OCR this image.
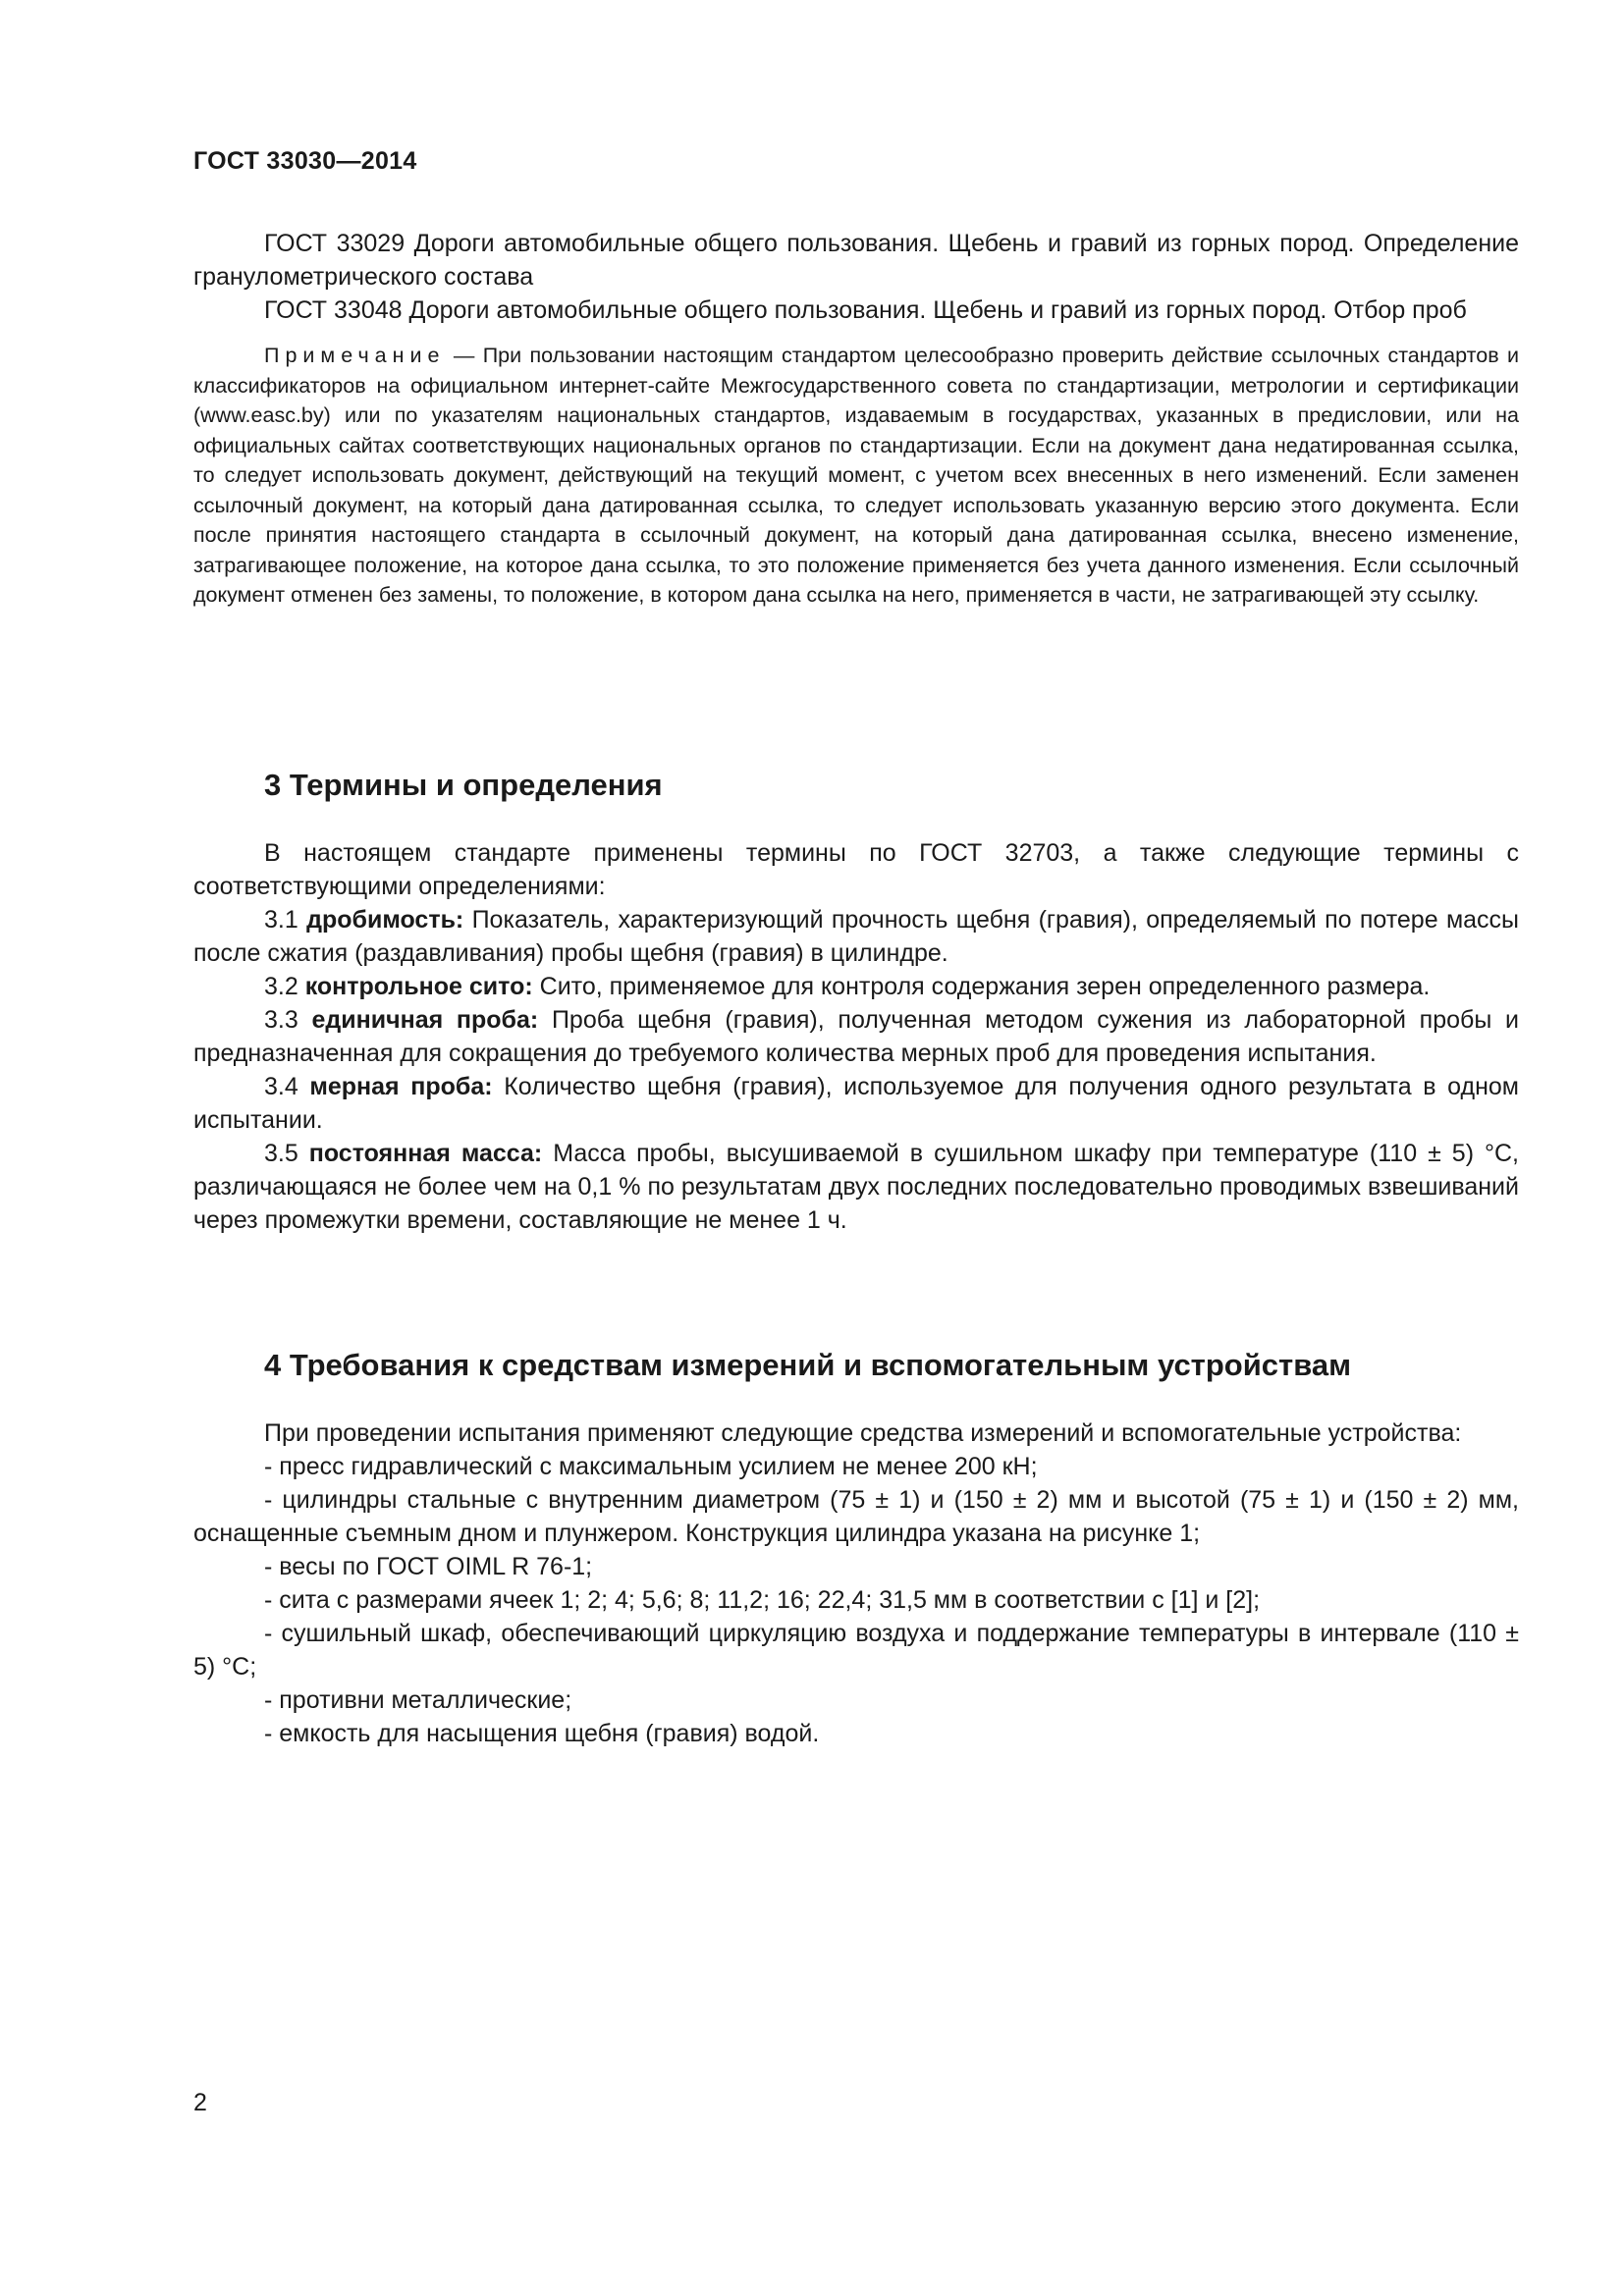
ГОСТ 33030—2014

ГОСТ 33029 Дороги автомобильные общего пользования. Щебень и гравий из горных пород. Определение гранулометрического состава

ГОСТ 33048 Дороги автомобильные общего пользования. Щебень и гравий из горных пород. Отбор проб

Примечание — При пользовании настоящим стандартом целесообразно проверить действие ссылочных стандартов и классификаторов на официальном интернет-сайте Межгосударственного совета по стандартизации, метрологии и сертификации (www.easc.by) или по указателям национальных стандартов, издаваемым в государствах, указанных в предисловии, или на официальных сайтах соответствующих национальных органов по стандартизации. Если на документ дана недатированная ссылка, то следует использовать документ, действующий на текущий момент, с учетом всех внесенных в него изменений. Если заменен ссылочный документ, на который дана датированная ссылка, то следует использовать указанную версию этого документа. Если после принятия настоящего стандарта в ссылочный документ, на который дана датированная ссылка, внесено изменение, затрагивающее положение, на которое дана ссылка, то это положение применяется без учета данного изменения. Если ссылочный документ отменен без замены, то положение, в котором дана ссылка на него, применяется в части, не затрагивающей эту ссылку.

3 Термины и определения

В настоящем стандарте применены термины по ГОСТ 32703, а также следующие термины с соответствующими определениями:

3.1 дробимость: Показатель, характеризующий прочность щебня (гравия), определяемый по потере массы после сжатия (раздавливания) пробы щебня (гравия) в цилиндре.

3.2 контрольное сито: Сито, применяемое для контроля содержания зерен определенного размера.

3.3 единичная проба: Проба щебня (гравия), полученная методом сужения из лабораторной пробы и предназначенная для сокращения до требуемого количества мерных проб для проведения испытания.

3.4 мерная проба: Количество щебня (гравия), используемое для получения одного результата в одном испытании.

3.5 постоянная масса: Масса пробы, высушиваемой в сушильном шкафу при температуре (110 ± 5) °С, различающаяся не более чем на 0,1 % по результатам двух последних последовательно проводимых взвешиваний через промежутки времени, составляющие не менее 1 ч.

4 Требования к средствам измерений и вспомогательным устройствам

При проведении испытания применяют следующие средства измерений и вспомогательные устройства:

- пресс гидравлический с максимальным усилием не менее 200 кН;

- цилиндры стальные с внутренним диаметром (75 ± 1) и (150 ± 2) мм и высотой (75 ± 1) и (150 ± 2) мм, оснащенные съемным дном и плунжером. Конструкция цилиндра указана на рисунке 1;

- весы по ГОСТ OIML R 76-1;

- сита с размерами ячеек 1; 2; 4; 5,6; 8; 11,2; 16; 22,4; 31,5 мм в соответствии с [1] и [2];

- сушильный шкаф, обеспечивающий циркуляцию воздуха и поддержание температуры в интервале (110 ± 5) °С;

- противни металлические;

- емкость для насыщения щебня (гравия) водой.

2
